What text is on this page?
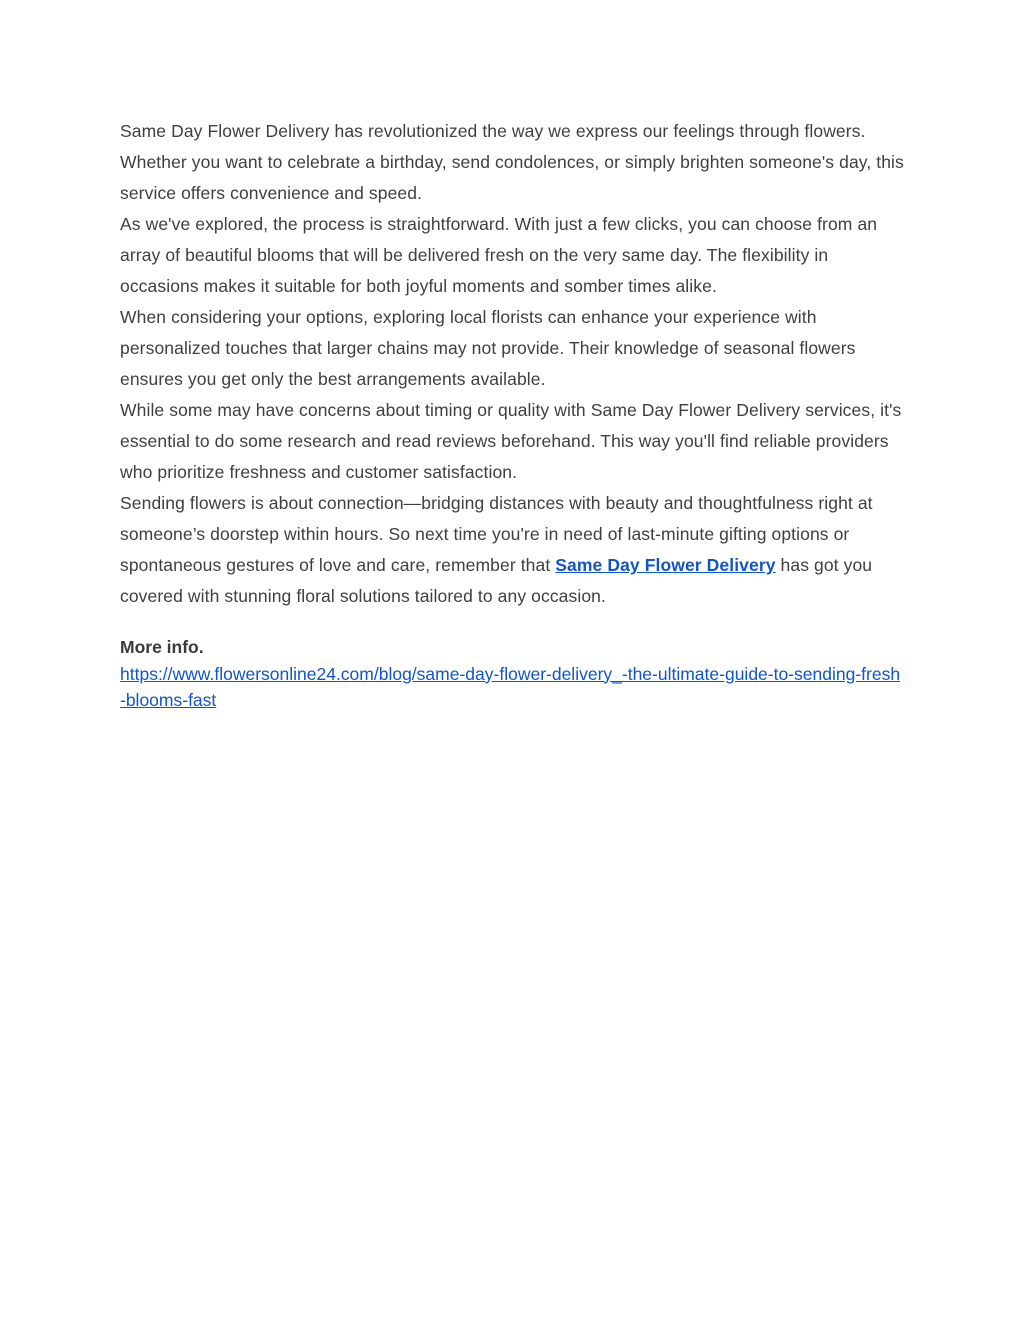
Same Day Flower Delivery has revolutionized the way we express our feelings through flowers. Whether you want to celebrate a birthday, send condolences, or simply brighten someone's day, this service offers convenience and speed.

As we've explored, the process is straightforward. With just a few clicks, you can choose from an array of beautiful blooms that will be delivered fresh on the very same day. The flexibility in occasions makes it suitable for both joyful moments and somber times alike.

When considering your options, exploring local florists can enhance your experience with personalized touches that larger chains may not provide. Their knowledge of seasonal flowers ensures you get only the best arrangements available.

While some may have concerns about timing or quality with Same Day Flower Delivery services, it's essential to do some research and read reviews beforehand. This way you'll find reliable providers who prioritize freshness and customer satisfaction.

Sending flowers is about connection—bridging distances with beauty and thoughtfulness right at someone’s doorstep within hours. So next time you're in need of last-minute gifting options or spontaneous gestures of love and care, remember that Same Day Flower Delivery has got you covered with stunning floral solutions tailored to any occasion.

More info.
https://www.flowersonline24.com/blog/same-day-flower-delivery_-the-ultimate-guide-to-sending-fresh-blooms-fast
